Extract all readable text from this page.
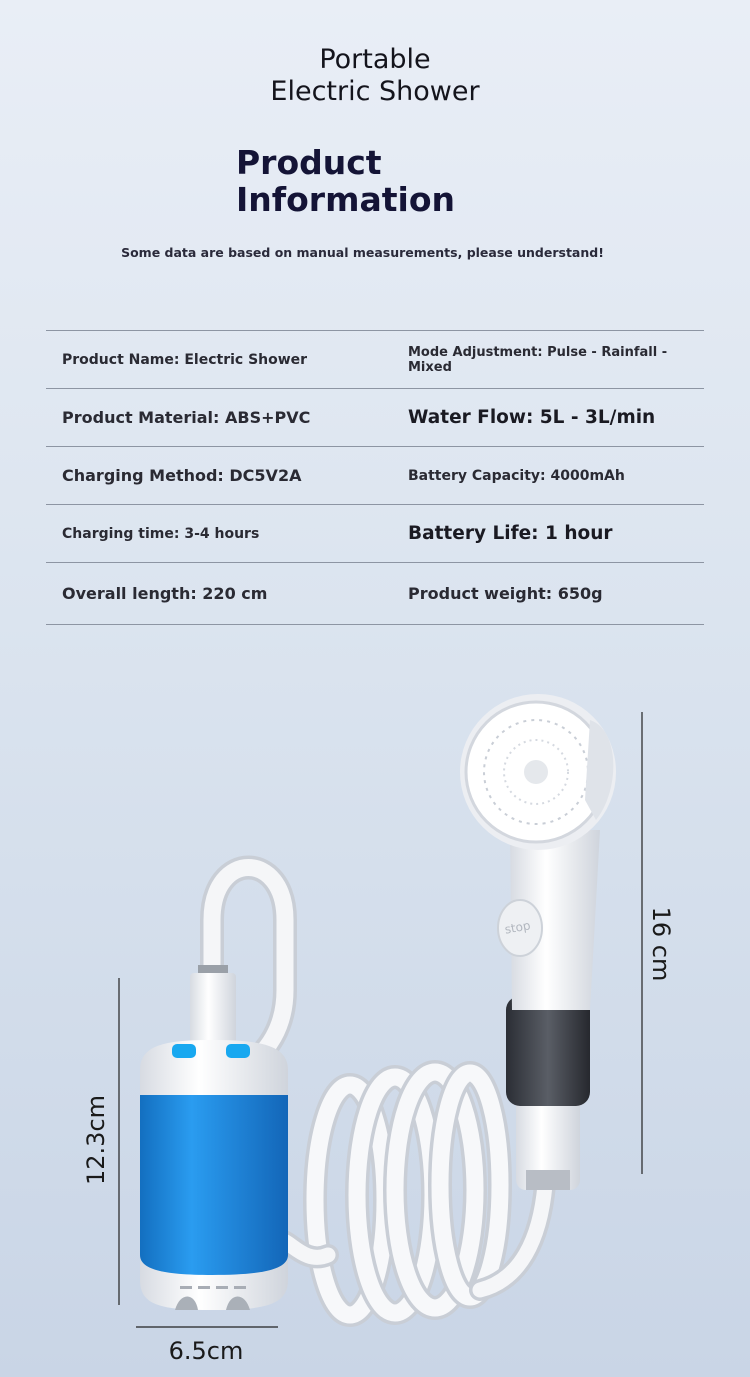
Portable
Electric Shower
Product
Information
Some data are based on manual measurements, please understand!
Product Name: Electric Shower	Mode Adjustment: Pulse - Rainfall - Mixed
Product Material: ABS+PVC	Water Flow: 5L - 3L/min
Charging Method: DC5V2A	Battery Capacity: 4000mAh
Charging time: 3-4 hours	Battery Life: 1 hour
Overall length: 220 cm	Product weight: 650g
stop
12.3cm
6.5cm
16 cm
